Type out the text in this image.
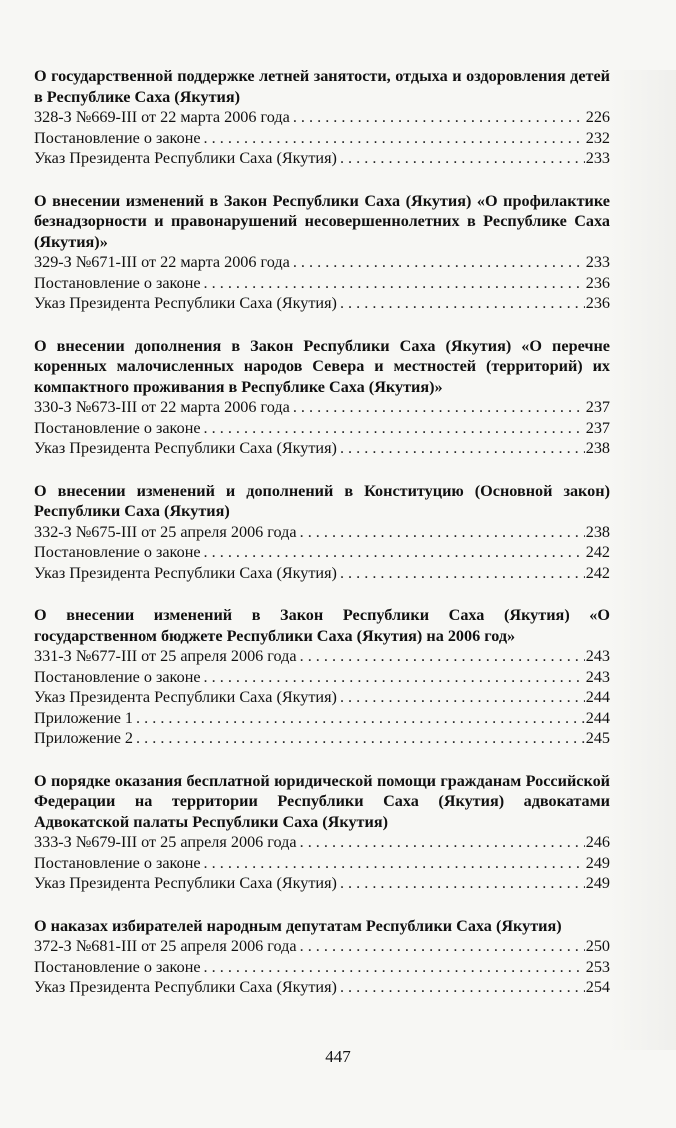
О государственной поддержке летней занятости, отдыха и оздоровления детей в Республике Саха (Якутия)

328-З №669-III от 22 марта 2006 года . . .	226
Постановление о законе . . .	232
Указ Президента Республики Саха (Якутия) . . .	233

О внесении изменений в Закон Республики Саха (Якутия) «О профилактике безнадзорности и правонарушений несовершеннолетних в Республике Саха (Якутия)»

329-З №671-III от 22 марта 2006 года . . .	233
Постановление о законе . . .	236
Указ Президента Республики Саха (Якутия) . . .	236

О внесении дополнения в Закон Республики Саха (Якутия) «О перечне коренных малочисленных народов Севера и местностей (территорий) их компактного проживания в Республике Саха (Якутия)»

330-З №673-III от 22 марта 2006 года . . .	237
Постановление о законе . . .	237
Указ Президента Республики Саха (Якутия) . . .	238

О внесении изменений и дополнений в Конституцию (Основной закон) Республики Саха (Якутия)

332-З №675-III от 25 апреля 2006 года . . .	238
Постановление о законе . . .	242
Указ Президента Республики Саха (Якутия) . . .	242

О внесении изменений в Закон Республики Саха (Якутия) «О государственном бюджете Республики Саха (Якутия) на 2006 год»

331-З №677-III от 25 апреля 2006 года . . .	243
Постановление о законе . . .	243
Указ Президента Республики Саха (Якутия) . . .	244
Приложение 1 . . .	244
Приложение 2 . . .	245

О порядке оказания бесплатной юридической помощи гражданам Российской Федерации на территории Республики Саха (Якутия) адвокатами Адвокатской палаты Республики Саха (Якутия)

333-З №679-III от 25 апреля 2006 года . . .	246
Постановление о законе . . .	249
Указ Президента Республики Саха (Якутия) . . .	249

О наказах избирателей народным депутатам Республики Саха (Якутия)

372-З №681-III от 25 апреля 2006 года . . .	250
Постановление о законе . . .	253
Указ Президента Республики Саха (Якутия) . . .	254
447
